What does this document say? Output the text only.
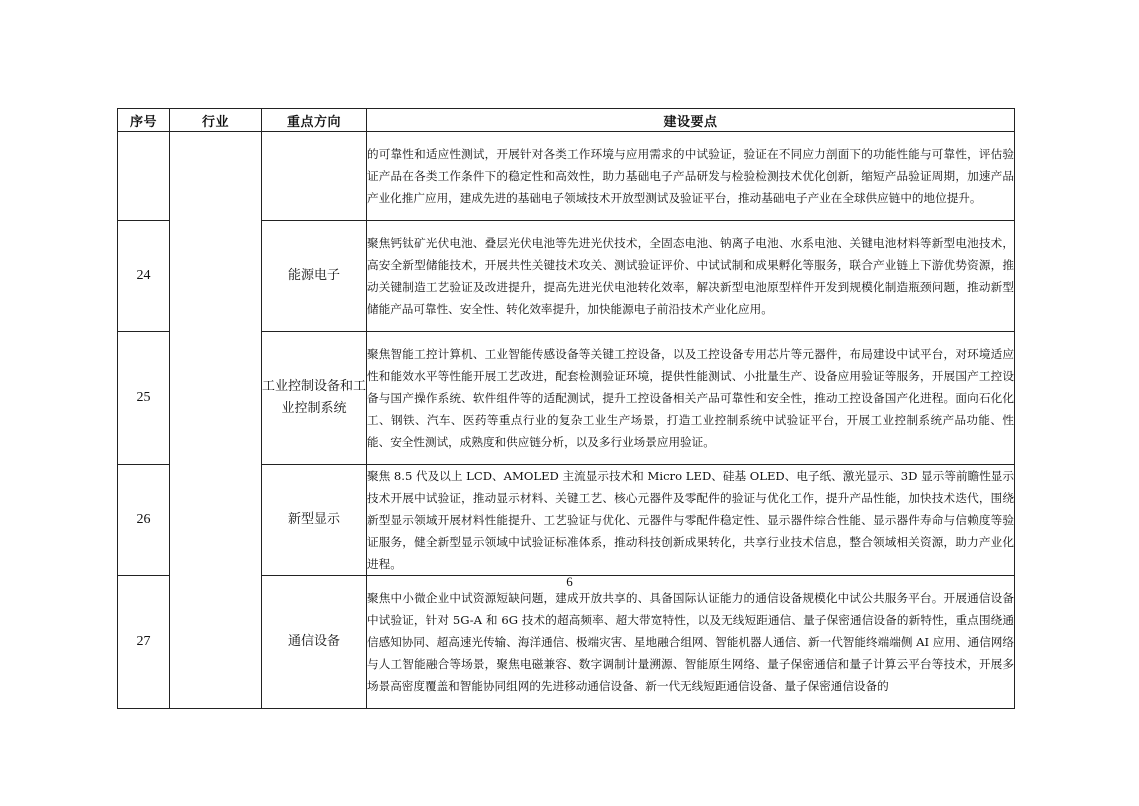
序号	行业	重点方向	建设要点
			的可靠性和适应性测试，开展针对各类工作环境与应用需求的中试验证，验证在不同应力剖面下的功能性能与可靠性，评估验证产品在各类工作条件下的稳定性和高效性，助力基础电子产品研发与检验检测技术优化创新，缩短产品验证周期，加速产品产业化推广应用，建成先进的基础电子领域技术开放型测试及验证平台，推动基础电子产业在全球供应链中的地位提升。
24		能源电子	聚焦钙钛矿光伏电池、叠层光伏电池等先进光伏技术，全固态电池、钠离子电池、水系电池、关键电池材料等新型电池技术，高安全新型储能技术，开展共性关键技术攻关、测试验证评价、中试试制和成果孵化等服务，联合产业链上下游优势资源，推动关键制造工艺验证及改进提升，提高先进光伏电池转化效率，解决新型电池原型样件开发到规模化制造瓶颈问题，推动新型储能产品可靠性、安全性、转化效率提升，加快能源电子前沿技术产业化应用。
25		工业控制设备和工业控制系统	聚焦智能工控计算机、工业智能传感设备等关键工控设备，以及工控设备专用芯片等元器件，布局建设中试平台，对环境适应性和能效水平等性能开展工艺改进，配套检测验证环境，提供性能测试、小批量生产、设备应用验证等服务，开展国产工控设备与国产操作系统、软件组件等的适配测试，提升工控设备相关产品可靠性和安全性，推动工控设备国产化进程。面向石化化工、钢铁、汽车、医药等重点行业的复杂工业生产场景，打造工业控制系统中试验证平台，开展工业控制系统产品功能、性能、安全性测试，成熟度和供应链分析，以及多行业场景应用验证。
26		新型显示	聚焦 8.5 代及以上 LCD、AMOLED 主流显示技术和 Micro LED、硅基 OLED、电子纸、激光显示、3D 显示等前瞻性显示技术开展中试验证，推动显示材料、关键工艺、核心元器件及零配件的验证与优化工作，提升产品性能，加快技术迭代，围绕新型显示领域开展材料性能提升、工艺验证与优化、元器件与零配件稳定性、显示器件综合性能、显示器件寿命与信赖度等验证服务，健全新型显示领域中试验证标准体系，推动科技创新成果转化，共享行业技术信息，整合领域相关资源，助力产业化进程。
27		通信设备	聚焦中小微企业中试资源短缺问题，建成开放共享的、具备国际认证能力的通信设备规模化中试公共服务平台。开展通信设备中试验证，针对 5G-A 和 6G 技术的超高频率、超大带宽特性，以及无线短距通信、量子保密通信设备的新特性，重点围绕通信感知协同、超高速光传输、海洋通信、极端灾害、星地融合组网、智能机器人通信、新一代智能终端端侧 AI 应用、通信网络与人工智能融合等场景，聚焦电磁兼容、数字调制计量溯源、智能原生网络、量子保密通信和量子计算云平台等技术，开展多场景高密度覆盖和智能协同组网的先进移动通信设备、新一代无线短距通信设备、量子保密通信设备的
6
